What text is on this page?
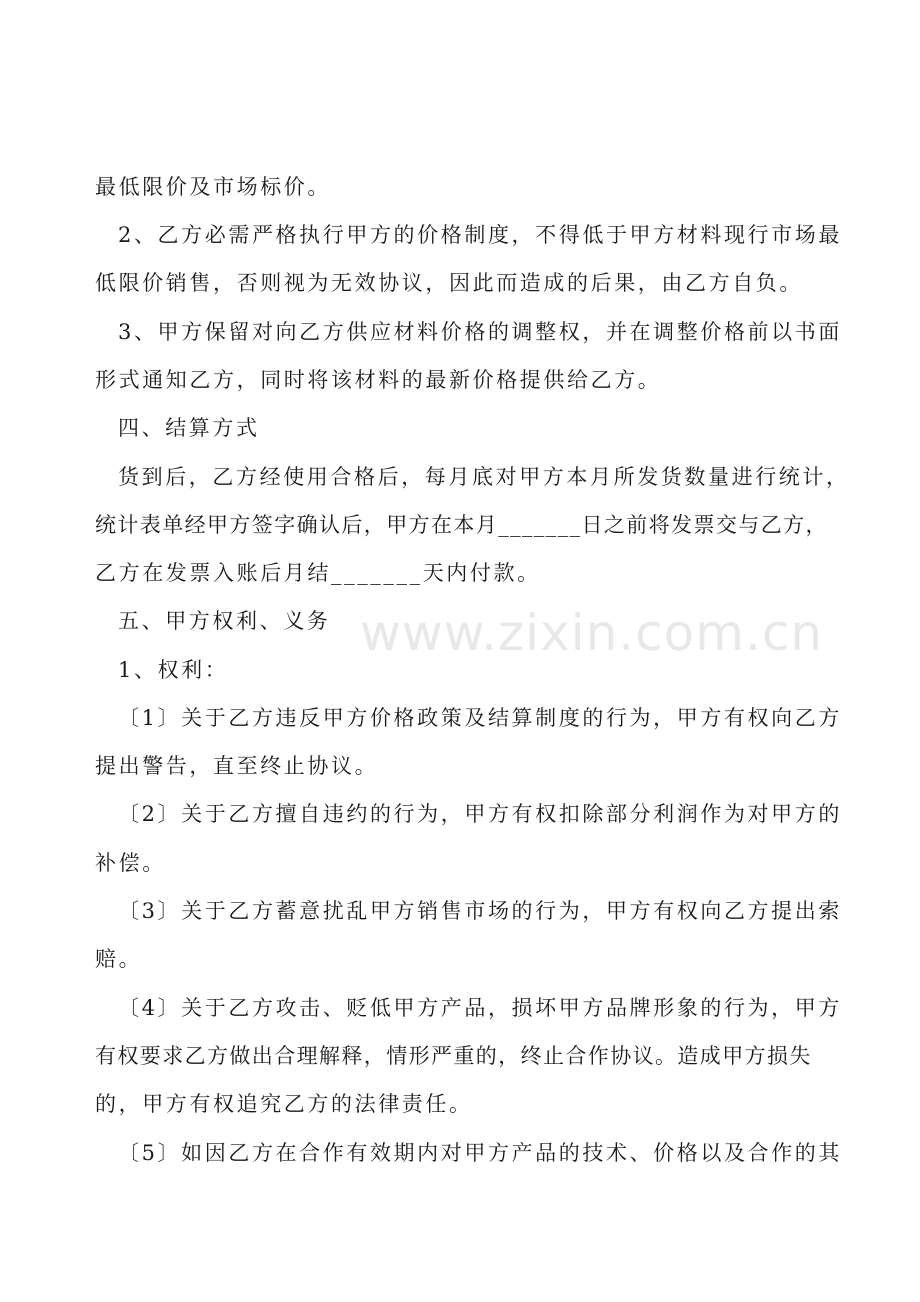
最低限价及市场标价。
2、乙方必需严格执行甲方的价格制度，不得低于甲方材料现行市场最
低限价销售，否则视为无效协议，因此而造成的后果，由乙方自负。
3、甲方保留对向乙方供应材料价格的调整权，并在调整价格前以书面
形式通知乙方，同时将该材料的最新价格提供给乙方。
四、结算方式
货到后，乙方经使用合格后，每月底对甲方本月所发货数量进行统计，
统计表单经甲方签字确认后，甲方在本月_______日之前将发票交与乙方，
乙方在发票入账后月结_______天内付款。
五、甲方权利、义务
1、权利：
〔1〕关于乙方违反甲方价格政策及结算制度的行为，甲方有权向乙方
提出警告，直至终止协议。
〔2〕关于乙方擅自违约的行为，甲方有权扣除部分利润作为对甲方的
补偿。
〔3〕关于乙方蓄意扰乱甲方销售市场的行为，甲方有权向乙方提出索
赔。
〔4〕关于乙方攻击、贬低甲方产品，损坏甲方品牌形象的行为，甲方
有权要求乙方做出合理解释，情形严重的，终止合作协议。造成甲方损失
的，甲方有权追究乙方的法律责任。
〔5〕如因乙方在合作有效期内对甲方产品的技术、价格以及合作的其
www.zixin.com.cn
